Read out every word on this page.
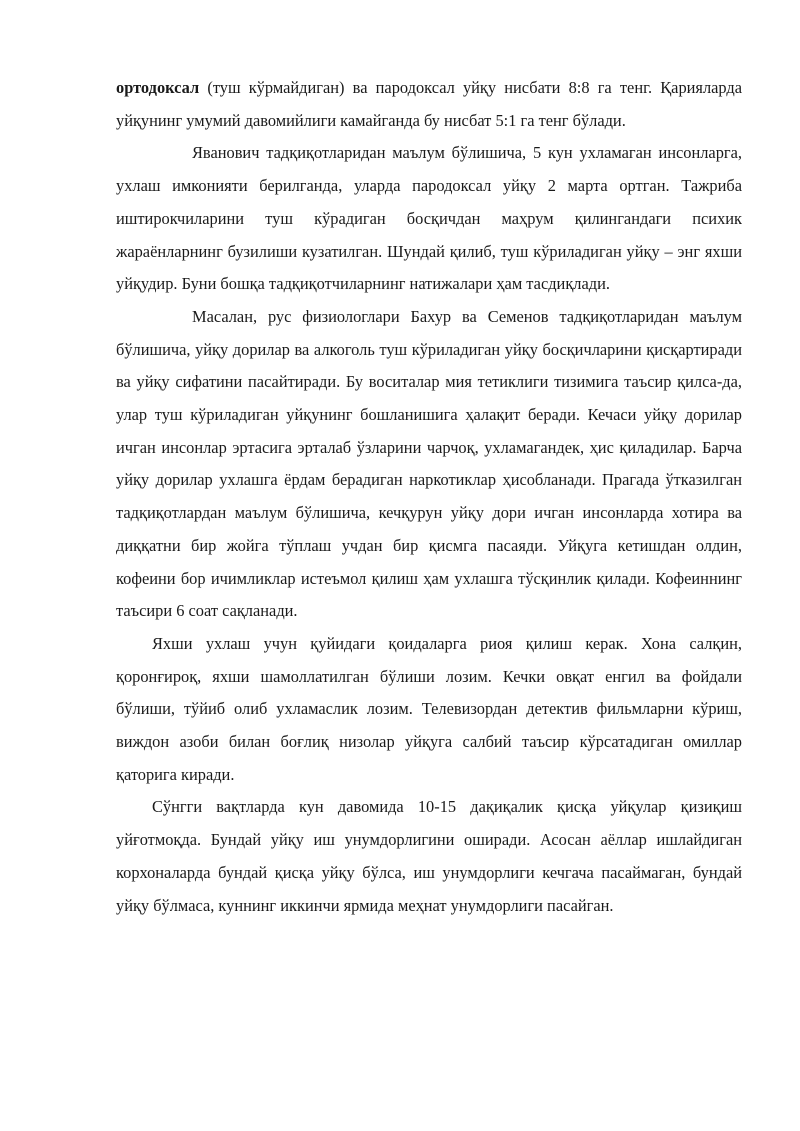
ортодоксал (туш кўрмайдиган) ва пародоксал уйқу нисбати 8:8 га тенг. Қарияларда уйқунинг умумий давомийлиги камайганда бу нисбат 5:1 га тенг бўлади.

Яванович тадқиқотларидан маълум бўлишича, 5 кун ухламаган инсонларга, ухлаш имконияти берилганда, уларда пародоксал уйқу 2 марта ортган. Тажриба иштирокчиларини туш кўрадиган босқичдан маҳрум қилингандаги психик жараёнларнинг бузилиши кузатилган. Шундай қилиб, туш кўриладиган уйқу – энг яхши уйқудир. Буни бошқа тадқиқотчиларнинг натижалари ҳам тасдиқлади.

Масалан, рус физиологлари Бахур ва Семенов тадқиқотларидан маълум бўлишича, уйқу дорилар ва алкоголь туш кўриладиган уйқу босқичларини қисқартиради ва уйқу сифатини пасайтиради. Бу воситалар мия тетиклиги тизимига таъсир қилса-да, улар туш кўриладиган уйқунинг бошланишига ҳалақит беради. Кечаси уйқу дорилар ичган инсонлар эртасига эрталаб ўзларини чарчоқ, ухламагандек, ҳис қиладилар. Барча уйқу дорилар ухлашга ёрдам берадиган наркотиклар ҳисобланади. Прагада ўтказилган тадқиқотлардан маълум бўлишича, кечқурун уйқу дори ичган инсонларда хотира ва диққатни бир жойга тўплаш учдан бир қисмга пасаяди. Уйқуга кетишдан олдин, кофеини бор ичимликлар истеъмол қилиш ҳам ухлашга тўсқинлик қилади. Кофеиннинг таъсири 6 соат сақланади.

Яхши ухлаш учун қуйидаги қоидаларга риоя қилиш керак. Хона салқин, қоронғироқ, яхши шамоллатилган бўлиши лозим. Кечки овқат енгил ва фойдали бўлиши, тўйиб олиб ухламаслик лозим. Телевизордан детектив фильмларни кўриш, виждон азоби билан боғлиқ низолар уйқуга салбий таъсир кўрсатадиган омиллар қаторига киради.

Сўнгги вақтларда кун давомида 10-15 дақиқалик қисқа уйқулар қизиқиш уйғотмоқда. Бундай уйқу иш унумдорлигини оширади. Асосан аёллар ишлайдиган корхоналарда бундай қисқа уйқу бўлса, иш унумдорлиги кечгача пасаймаган, бундай уйқу бўлмаса, куннинг иккинчи ярмида меҳнат унумдорлиги пасайган.
